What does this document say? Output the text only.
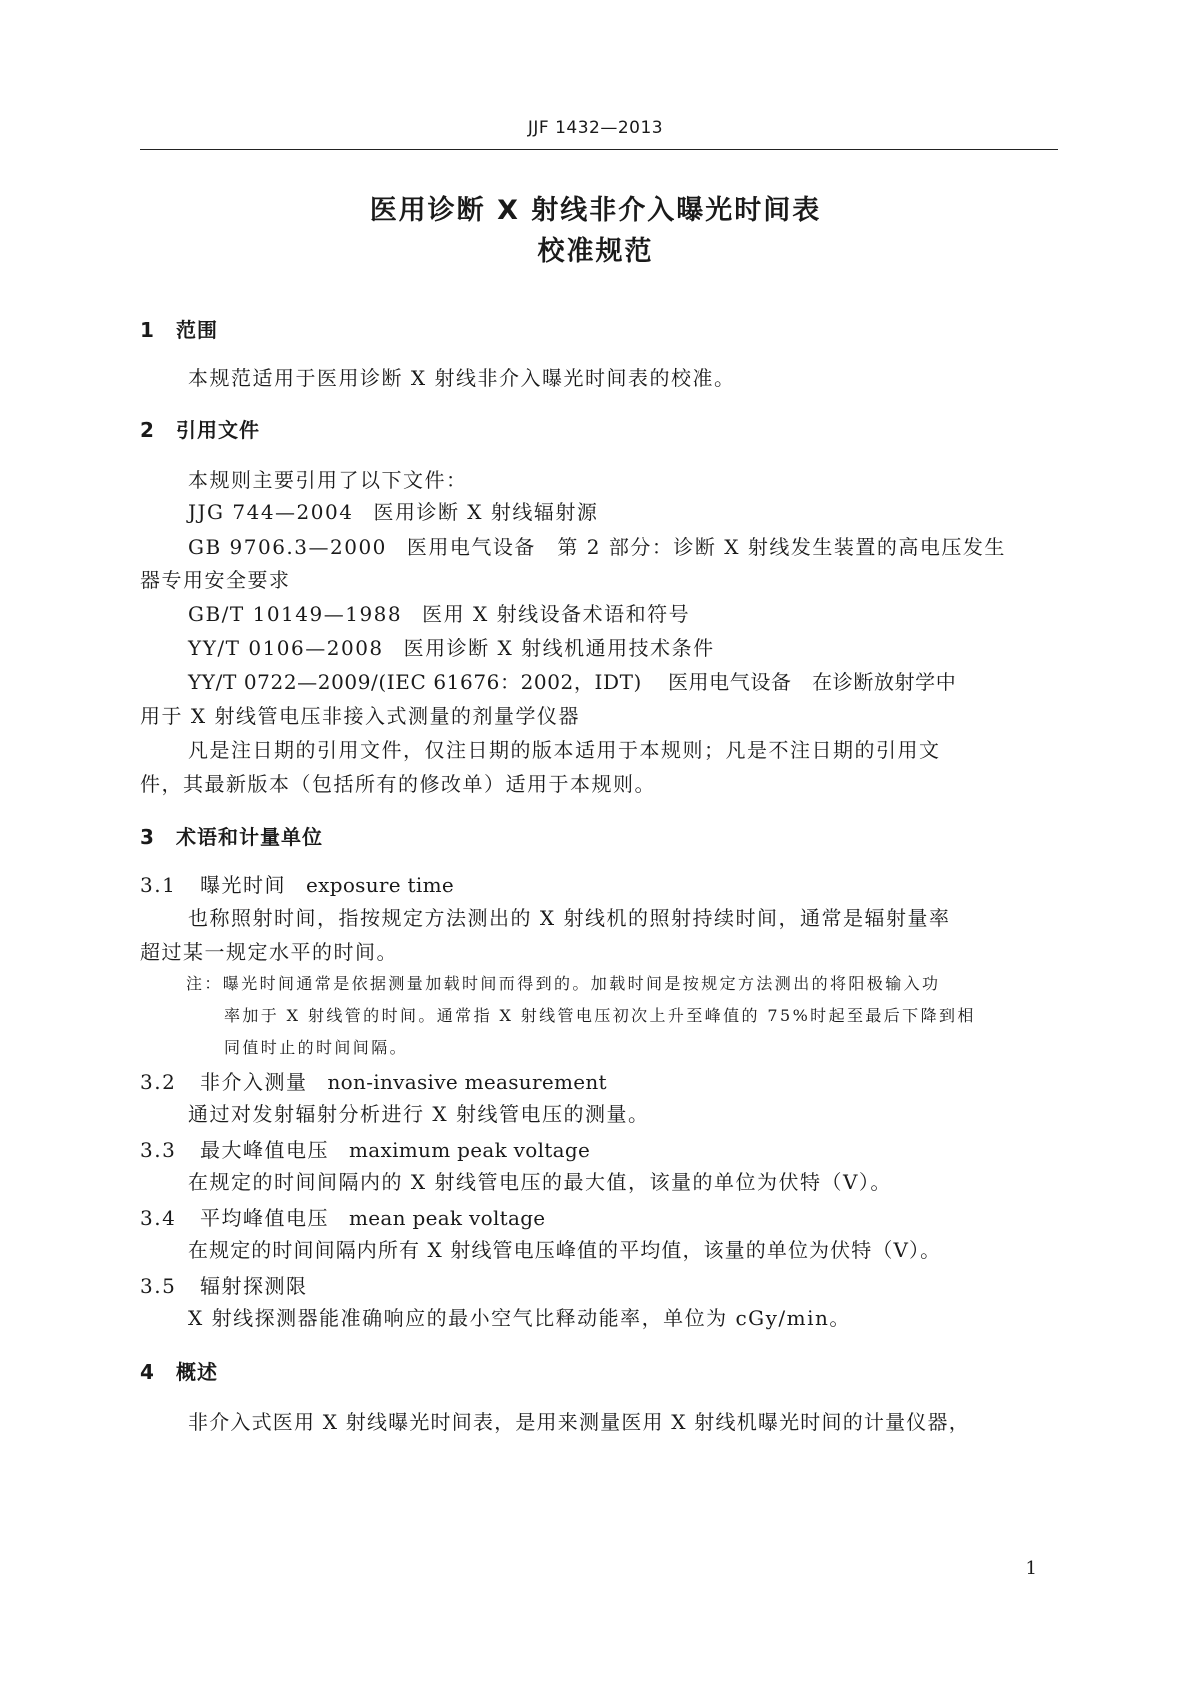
JJF 1432—2013
医用诊断 X 射线非介入曝光时间表
校准规范
1 范围
本规范适用于医用诊断 X 射线非介入曝光时间表的校准。
2 引用文件
本规则主要引用了以下文件：
JJG 744—2004 医用诊断 X 射线辐射源
GB 9706.3—2000 医用电气设备　第 2 部分：诊断 X 射线发生装置的高电压发生
器专用安全要求
GB/T 10149—1988 医用 X 射线设备术语和符号
YY/T 0106—2008 医用诊断 X 射线机通用技术条件
YY/T 0722—2009/(IEC 61676：2002，IDT) 医用电气设备　在诊断放射学中
用于 X 射线管电压非接入式测量的剂量学仪器
凡是注日期的引用文件，仅注日期的版本适用于本规则；凡是不注日期的引用文
件，其最新版本（包括所有的修改单）适用于本规则。
3 术语和计量单位
3.1 曝光时间 exposure time
也称照射时间，指按规定方法测出的 X 射线机的照射持续时间，通常是辐射量率
超过某一规定水平的时间。
注：曝光时间通常是依据测量加载时间而得到的。加载时间是按规定方法测出的将阳极输入功
率加于 X 射线管的时间。通常指 X 射线管电压初次上升至峰值的 75%时起至最后下降到相
同值时止的时间间隔。
3.2 非介入测量 non-invasive measurement
通过对发射辐射分析进行 X 射线管电压的测量。
3.3 最大峰值电压 maximum peak voltage
在规定的时间间隔内的 X 射线管电压的最大值，该量的单位为伏特（V）。
3.4 平均峰值电压 mean peak voltage
在规定的时间间隔内所有 X 射线管电压峰值的平均值，该量的单位为伏特（V）。
3.5 辐射探测限
X 射线探测器能准确响应的最小空气比释动能率，单位为 cGy/min。
4 概述
非介入式医用 X 射线曝光时间表，是用来测量医用 X 射线机曝光时间的计量仪器，
1
